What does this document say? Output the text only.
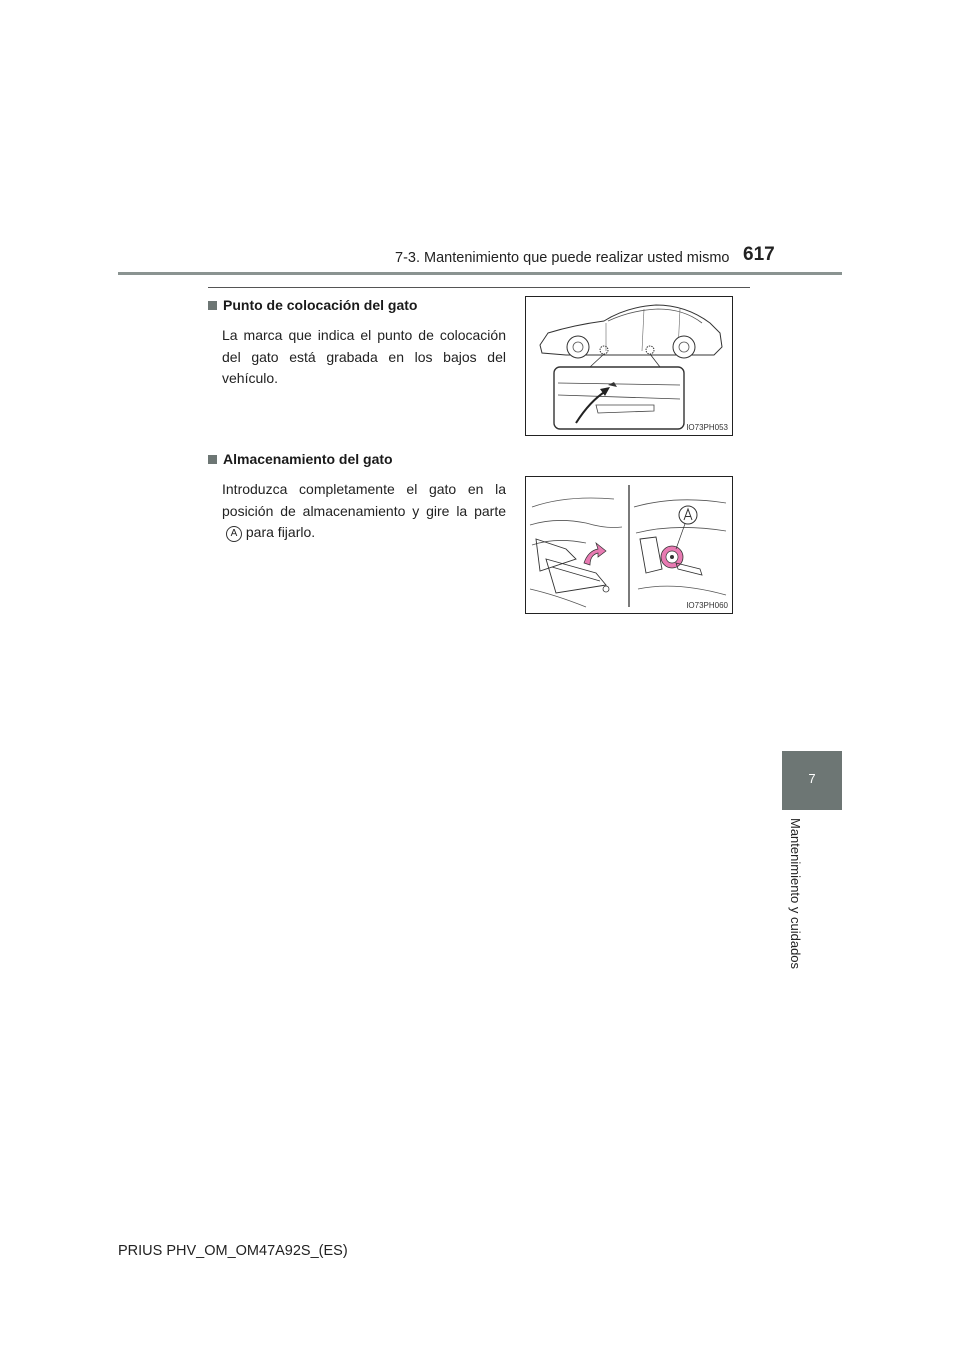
7-3. Mantenimiento que puede realizar usted mismo 617
Punto de colocación del gato
La marca que indica el punto de colocación del gato está grabada en los bajos del vehículo.
IO73PH053
Almacenamiento del gato
Introduzca completamente el gato en la posición de almacenamiento y gire la parte A para fijarlo.
IO73PH060
7
Mantenimiento y cuidados
PRIUS PHV_OM_OM47A92S_(ES)
